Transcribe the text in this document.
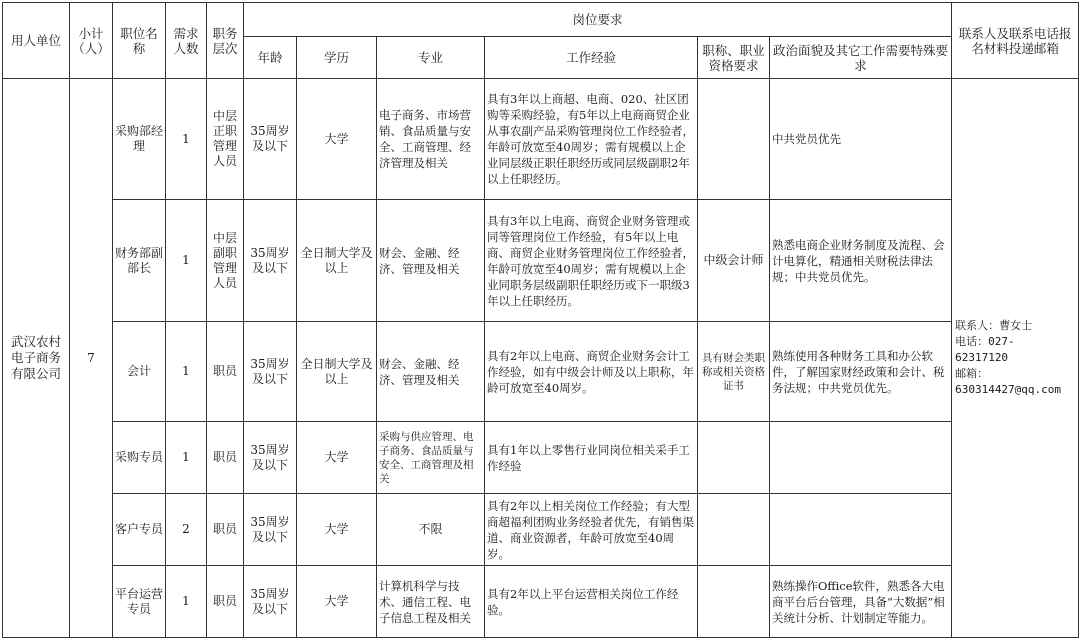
用人单位	小计（人）	职位名称	需求人数	职务层次	岗位要求						联系人及联系电话报名材料投递邮箱
					年龄	学历	专业	工作经验	职称、职业资格要求	政治面貌及其它工作需要特殊要求	
武汉农村电子商务有限公司	7	采购部经理	1	中层正职管理人员	35周岁及以下	大学	电子商务、市场营销、食品质量与安全、工商管理、经济管理及相关	具有3年以上商超、电商、020、社区团购等采购经验，有5年以上电商商贸企业从事农副产品采购管理岗位工作经验者，年龄可放宽至40周岁；需有规模以上企业同层级正职任职经历或同层级副职2年以上任职经历。		中共党员优先	联系人：曹女士
电话：027-
62317120
邮箱：
630314427@qq.com

		财务部副部长	1	中层副职管理人员	35周岁及以下	全日制大学及以上	财会、金融、经济、管理及相关	具有3年以上电商、商贸企业财务管理或同等管理岗位工作经验，有5年以上电商、商贸企业财务管理岗位工作经验者，年龄可放宽至40周岁；需有规模以上企业同职务层级副职任职经历或下一职级3年以上任职经历。	中级会计师	熟悉电商企业财务制度及流程、会计电算化，精通相关财税法律法规；中共党员优先。	
		会计	1	职员	35周岁及以下	全日制大学及以上	财会、金融、经济、管理及相关	具有2年以上电商、商贸企业财务会计工作经验，如有中级会计师及以上职称，年龄可放宽至40周岁。	具有财会类职称或相关资格证书	熟练使用各种财务工具和办公软件，了解国家财经政策和会计、税务法规；中共党员优先。	
		采购专员	1	职员	35周岁及以下	大学	采购与供应管理、电子商务、食品质量与安全、工商管理及相关	具有1年以上零售行业同岗位相关采手工作经验			
		客户专员	2	职员	35周岁及以下	大学	不限	具有2年以上相关岗位工作经验；有大型商超福利团购业务经验者优先，有销售渠道、商业资源者，年龄可放宽至40周岁。			
		平台运营专员	1	职员	35周岁及以下	大学	计算机科学与技术、通信工程、电子信息工程及相关	具有2年以上平台运营相关岗位工作经验。		熟练操作Office软件，熟悉各大电商平台后台管理，具备“大数据”相关统计分析、计划制定等能力。	
